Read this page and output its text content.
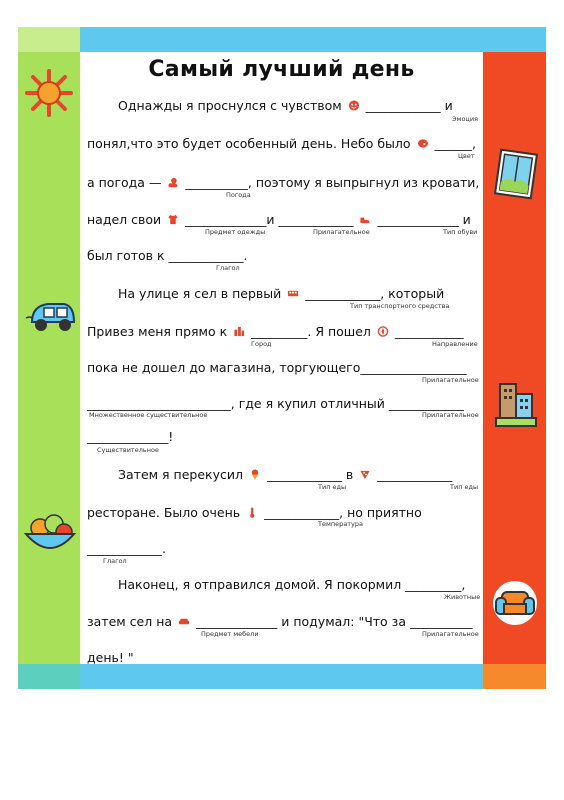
Самый лучший день
Однажды я проснулся с чувством ____________ и
Эмоция
понял,что это будет особенный день. Небо было ______,
Цвет
а погода — __________, поэтому я выпрыгнул из кровати,
Погода
надел свои _____________и ____________ _____________ и
Предмет одежды	Прилагательное	Тип обуви
был готов к ____________.
Глагол
На улице я сел в первый ____________, который
Тип транспортного средства
Привез меня прямо к _________. Я пошел ___________
Город	Направление
пока не дошел до магазина, торгующего_________________
Прилагательное
_______________________, где я купил отличный ____________
Множественное существительное	Прилагательное
_____________!
Существительное
Затем я перекусил ____________ в ____________
Тип еды	Тип еды
ресторане. Было очень ____________, но приятно
Температура
____________.
Глагол
Наконец, я отправился домой. Я покормил _________,
Животные
затем сел на _____________ и подумал: "Что за __________
Предмет мебели	Прилагательное
день! "
